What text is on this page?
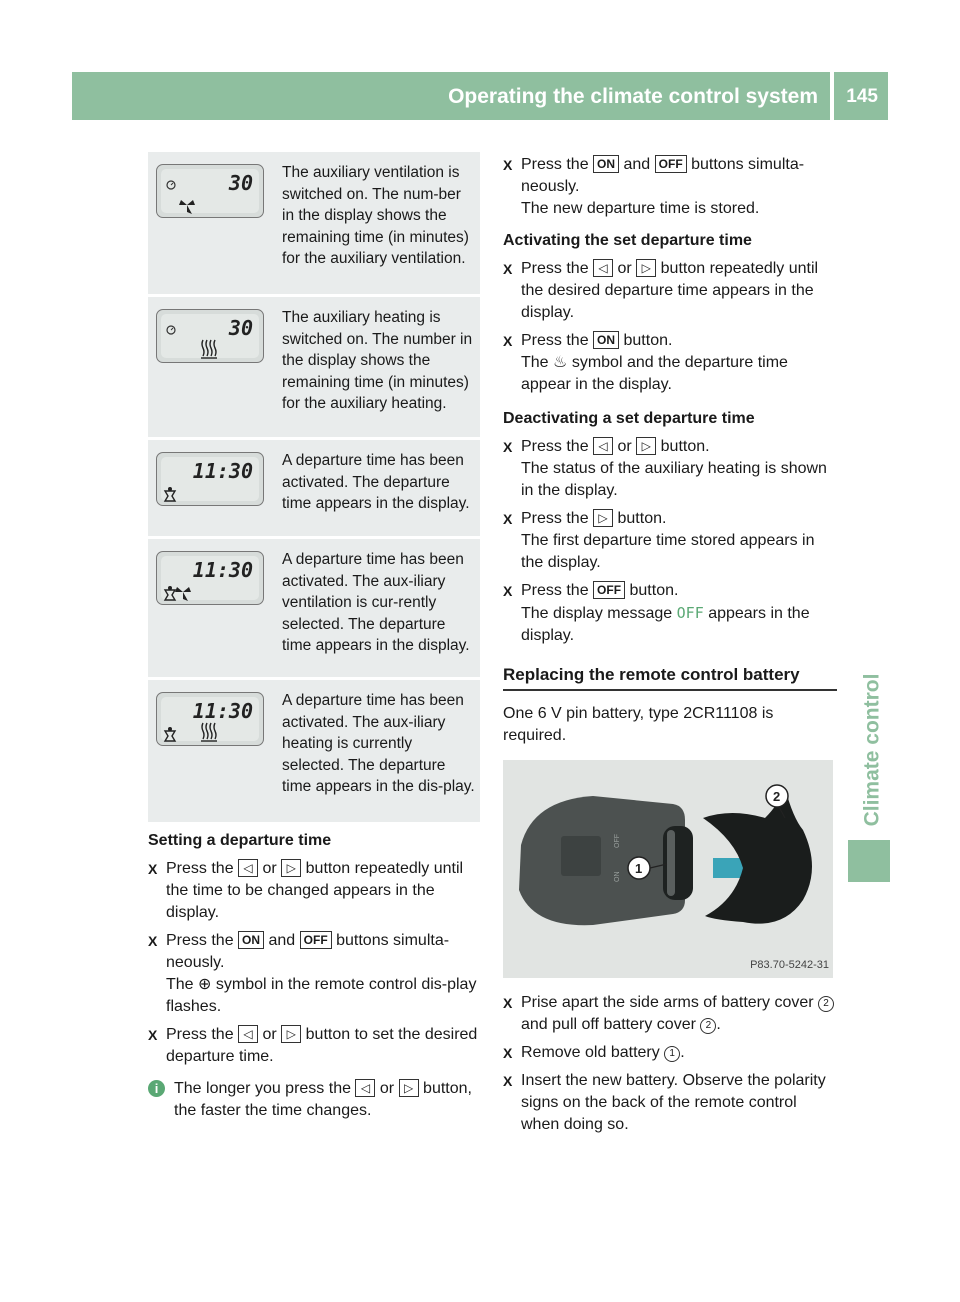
Operating the climate control system 145
Climate control
30	The auxiliary ventilation is switched on. The num-ber in the display shows the remaining time (in minutes) for the auxiliary ventilation.
30	The auxiliary heating is switched on. The number in the display shows the remaining time (in minutes) for the auxiliary heating.
11:30	A departure time has been activated. The departure time appears in the display.
11:30	A departure time has been activated. The aux-iliary ventilation is cur-rently selected. The departure time appears in the display.
11:30	A departure time has been activated. The aux-iliary heating is currently selected. The departure time appears in the dis-play.
Setting a departure time
X Press the ◁ or ▷ button repeatedly until the time to be changed appears in the display.

X Press the ON and OFF buttons simulta-neously.

The ⊕ symbol in the remote control dis-play flashes.

X Press the ◁ or ▷ button to set the desired departure time.

i The longer you press the ◁ or ▷ button, the faster the time changes.
X Press the ON and OFF buttons simulta-neously.

The new departure time is stored.

Activating the set departure time
X Press the ◁ or ▷ button repeatedly until the desired departure time appears in the display.

X Press the ON button.

The ♨ symbol and the departure time appear in the display.

Deactivating a set departure time
X Press the ◁ or ▷ button.

The status of the auxiliary heating is shown in the display.

X Press the ▷ button.

The first departure time stored appears in the display.

X Press the OFF button.

The display message OFF appears in the display.

Replacing the remote control battery

One 6 V pin battery, type 2CR11108 is required.

OFF
ON
1
2
P83.70-5242-31
X Prise apart the side arms of battery cover 2 and pull off battery cover 2 .

X Remove old battery 1 .

X Insert the new battery. Observe the polarity signs on the back of the remote control when doing so.
